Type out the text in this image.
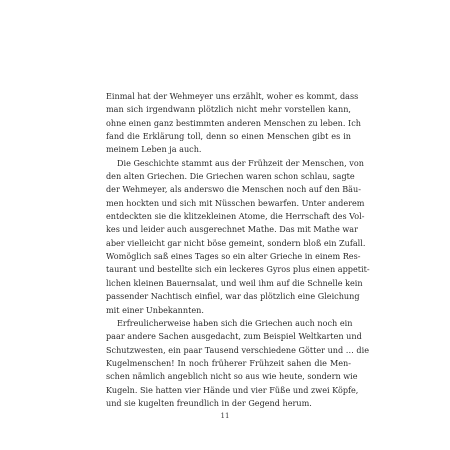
Einmal hat der Wehmeyer uns erzählt, woher es kommt, dass
man sich irgendwann plötzlich nicht mehr vorstellen kann,
ohne einen ganz bestimmten anderen Menschen zu leben. Ich
fand die Erklärung toll, denn so einen Menschen gibt es in
meinem Leben ja auch.
Die Geschichte stammt aus der Frühzeit der Menschen, von
den alten Griechen. Die Griechen waren schon schlau, sagte
der Wehmeyer, als anderswo die Menschen noch auf den Bäu-
men hockten und sich mit Nüsschen bewarfen. Unter anderem
entdeckten sie die klitzekleinen Atome, die Herrschaft des Vol-
kes und leider auch ausgerechnet Mathe. Das mit Mathe war
aber vielleicht gar nicht böse gemeint, sondern bloß ein Zufall.
Womöglich saß eines Tages so ein alter Grieche in einem Res-
taurant und bestellte sich ein leckeres Gyros plus einen appetit-
lichen kleinen Bauernsalat, und weil ihm auf die Schnelle kein
passender Nachtisch einfiel, war das plötzlich eine Gleichung
mit einer Unbekannten.
Erfreulicherweise haben sich die Griechen auch noch ein
paar andere Sachen ausgedacht, zum Beispiel Weltkarten und
Schutzwesten, ein paar Tausend verschiedene Götter und … die
Kugelmenschen! In noch früherer Frühzeit sahen die Men-
schen nämlich angeblich nicht so aus wie heute, sondern wie
Kugeln. Sie hatten vier Hände und vier Füße und zwei Köpfe,
und sie kugelten freundlich in der Gegend herum.
11
